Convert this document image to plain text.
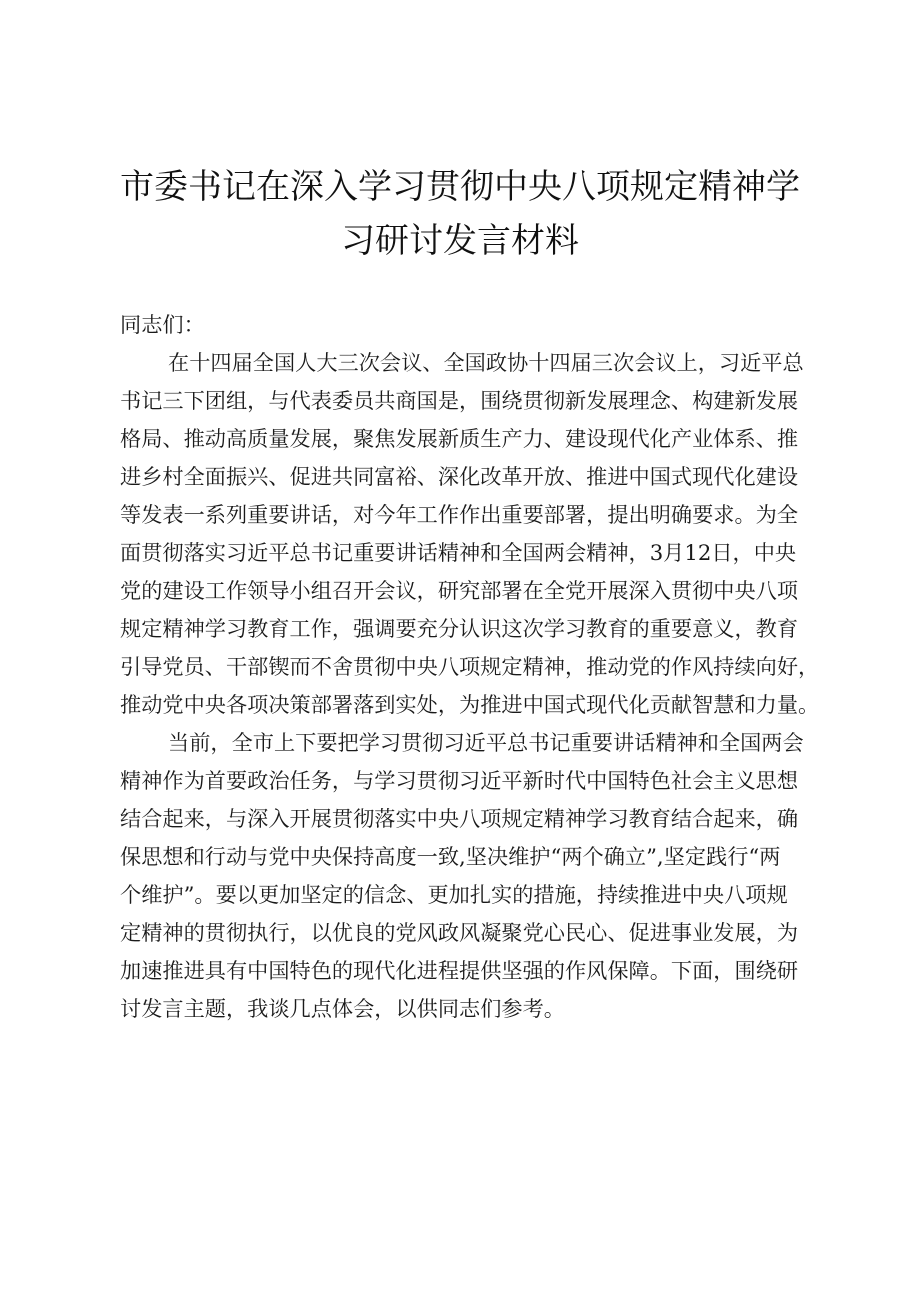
市委书记在深入学习贯彻中央八项规定精神学
习研讨发言材料
同志们：
在十四届全国人大三次会议、全国政协十四届三次会议上，习近平总
书记三下团组，与代表委员共商国是，围绕贯彻新发展理念、构建新发展
格局、推动高质量发展，聚焦发展新质生产力、建设现代化产业体系、推
进乡村全面振兴、促进共同富裕、深化改革开放、推进中国式现代化建设
等发表一系列重要讲话，对今年工作作出重要部署，提出明确要求。为全
面贯彻落实习近平总书记重要讲话精神和全国两会精神，3月12日，中央
党的建设工作领导小组召开会议，研究部署在全党开展深入贯彻中央八项
规定精神学习教育工作，强调要充分认识这次学习教育的重要意义，教育
引导党员、干部锲而不舍贯彻中央八项规定精神，推动党的作风持续向好，
推动党中央各项决策部署落到实处，为推进中国式现代化贡献智慧和力量。
当前，全市上下要把学习贯彻习近平总书记重要讲话精神和全国两会
精神作为首要政治任务，与学习贯彻习近平新时代中国特色社会主义思想
结合起来，与深入开展贯彻落实中央八项规定精神学习教育结合起来，确
保思想和行动与党中央保持高度一致,坚决维护“两个确立”,坚定践行“两
个维护”。要以更加坚定的信念、更加扎实的措施，持续推进中央八项规
定精神的贯彻执行，以优良的党风政风凝聚党心民心、促进事业发展，为
加速推进具有中国特色的现代化进程提供坚强的作风保障。下面，围绕研
讨发言主题，我谈几点体会，以供同志们参考。
